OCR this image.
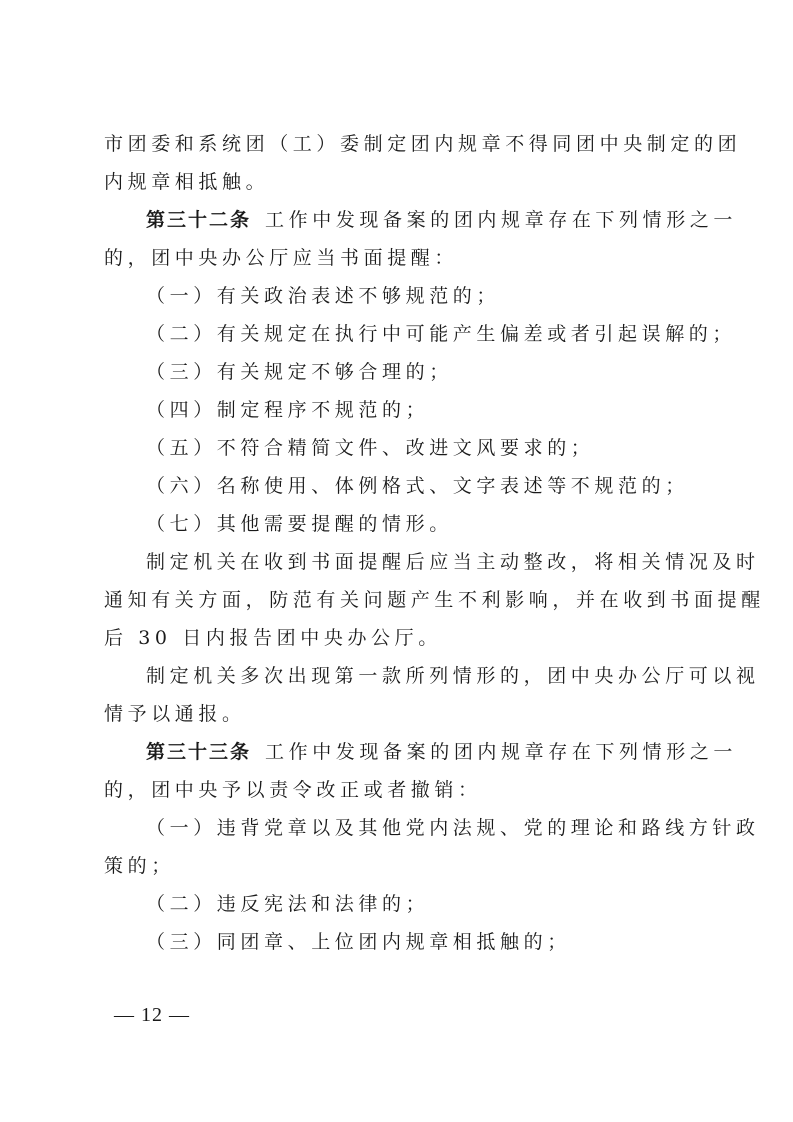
市团委和系统团（工）委制定团内规章不得同团中央制定的团
内规章相抵触。
第三十二条 工作中发现备案的团内规章存在下列情形之一
的，团中央办公厅应当书面提醒：
（一）有关政治表述不够规范的；
（二）有关规定在执行中可能产生偏差或者引起误解的；
（三）有关规定不够合理的；
（四）制定程序不规范的；
（五）不符合精简文件、改进文风要求的；
（六）名称使用、体例格式、文字表述等不规范的；
（七）其他需要提醒的情形。
制定机关在收到书面提醒后应当主动整改，将相关情况及时
通知有关方面，防范有关问题产生不利影响，并在收到书面提醒
后 30 日内报告团中央办公厅。
制定机关多次出现第一款所列情形的，团中央办公厅可以视
情予以通报。
第三十三条 工作中发现备案的团内规章存在下列情形之一
的，团中央予以责令改正或者撤销：
（一）违背党章以及其他党内法规、党的理论和路线方针政
策的；
（二）违反宪法和法律的；
（三）同团章、上位团内规章相抵触的；
— 12 —
